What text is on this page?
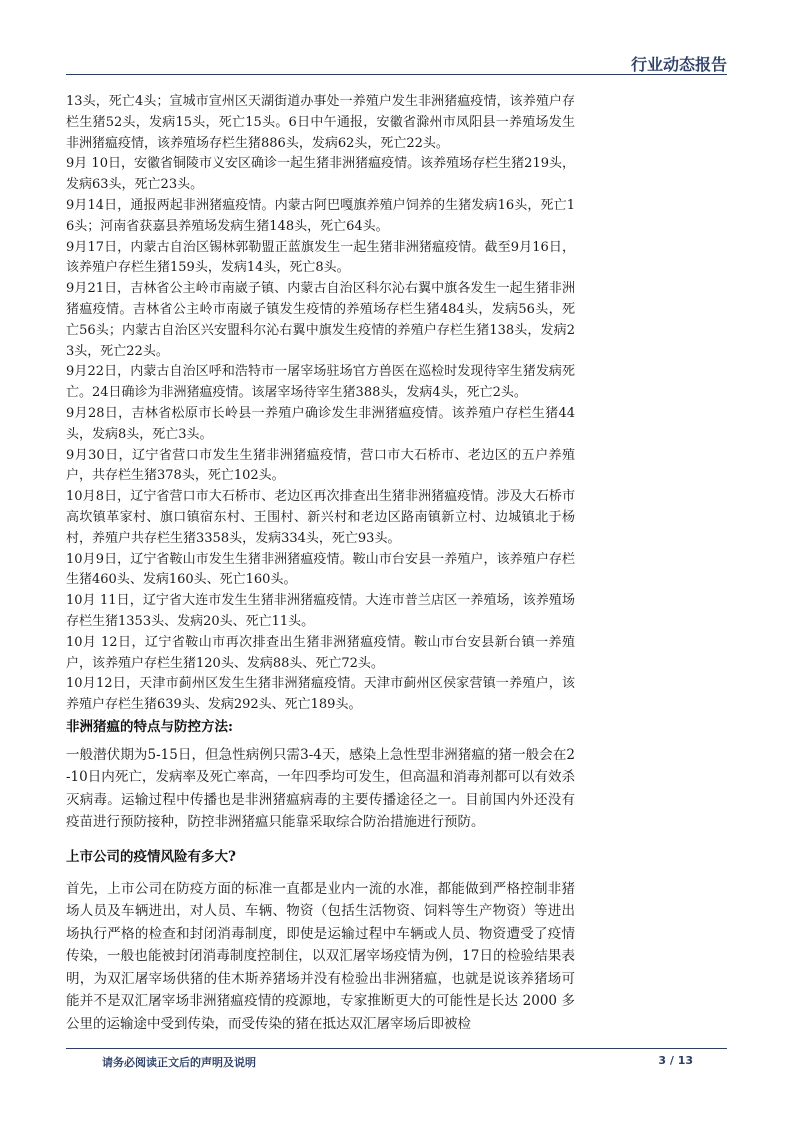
行业动态报告

13头，死亡4头；宣城市宣州区天湖街道办事处一养殖户发生非洲猪瘟疫情，该养殖户存栏生猪52头，发病15头，死亡15头。6日中午通报，安徽省滁州市凤阳县一养殖场发生非洲猪瘟疫情，该养殖场存栏生猪886头，发病62头，死亡22头。

9月 10日，安徽省铜陵市义安区确诊一起生猪非洲猪瘟疫情。该养殖场存栏生猪219头，发病63头，死亡23头。

9月14日，通报两起非洲猪瘟疫情。内蒙古阿巴嘎旗养殖户饲养的生猪发病16头，死亡16头；河南省获嘉县养殖场发病生猪148头，死亡64头。

9月17日，内蒙古自治区锡林郭勒盟正蓝旗发生一起生猪非洲猪瘟疫情。截至9月16日，该养殖户存栏生猪159头，发病14头，死亡8头。

9月21日，吉林省公主岭市南崴子镇、内蒙古自治区科尔沁右翼中旗各发生一起生猪非洲猪瘟疫情。吉林省公主岭市南崴子镇发生疫情的养殖场存栏生猪484头，发病56头，死亡56头；内蒙古自治区兴安盟科尔沁右翼中旗发生疫情的养殖户存栏生猪138头，发病23头，死亡22头。

9月22日，内蒙古自治区呼和浩特市一屠宰场驻场官方兽医在巡检时发现待宰生猪发病死亡。24日确诊为非洲猪瘟疫情。该屠宰场待宰生猪388头，发病4头，死亡2头。

9月28日，吉林省松原市长岭县一养殖户确诊发生非洲猪瘟疫情。该养殖户存栏生猪44头，发病8头，死亡3头。

9月30日，辽宁省营口市发生生猪非洲猪瘟疫情，营口市大石桥市、老边区的五户养殖户，共存栏生猪378头，死亡102头。

10月8日，辽宁省营口市大石桥市、老边区再次排查出生猪非洲猪瘟疫情。涉及大石桥市高坎镇革家村、旗口镇宿东村、王围村、新兴村和老边区路南镇新立村、边城镇北于杨村，养殖户共存栏生猪3358头，发病334头，死亡93头。

10月9日，辽宁省鞍山市发生生猪非洲猪瘟疫情。鞍山市台安县一养殖户，该养殖户存栏生猪460头、发病160头、死亡160头。

10月 11日，辽宁省大连市发生生猪非洲猪瘟疫情。大连市普兰店区一养殖场，该养殖场存栏生猪1353头、发病20头、死亡11头。

10月 12日，辽宁省鞍山市再次排查出生猪非洲猪瘟疫情。鞍山市台安县新台镇一养殖户，该养殖户存栏生猪120头、发病88头、死亡72头。

10月12日，天津市蓟州区发生生猪非洲猪瘟疫情。天津市蓟州区侯家营镇一养殖户，该养殖户存栏生猪639头、发病292头、死亡189头。

非洲猪瘟的特点与防控方法:

一般潜伏期为5-15日，但急性病例只需3-4天，感染上急性型非洲猪瘟的猪一般会在2-10日内死亡，发病率及死亡率高，一年四季均可发生，但高温和消毒剂都可以有效杀灭病毒。运输过程中传播也是非洲猪瘟病毒的主要传播途径之一。目前国内外还没有疫苗进行预防接种，防控非洲猪瘟只能靠采取综合防治措施进行预防。

上市公司的疫情风险有多大?

首先，上市公司在防疫方面的标准一直都是业内一流的水准，都能做到严格控制非猪场人员及车辆进出，对人员、车辆、物资（包括生活物资、饲料等生产物资）等进出场执行严格的检查和封闭消毒制度，即使是运输过程中车辆或人员、物资遭受了疫情传染，一般也能被封闭消毒制度控制住，以双汇屠宰场疫情为例，17日的检验结果表明，为双汇屠宰场供猪的佳木斯养猪场并没有检验出非洲猪瘟，也就是说该养猪场可能并不是双汇屠宰场非洲猪瘟疫情的疫源地，专家推断更大的可能性是长达 2000 多公里的运输途中受到传染，而受传染的猪在抵达双汇屠宰场后即被检

请务必阅读正文后的声明及说明	3 / 13
